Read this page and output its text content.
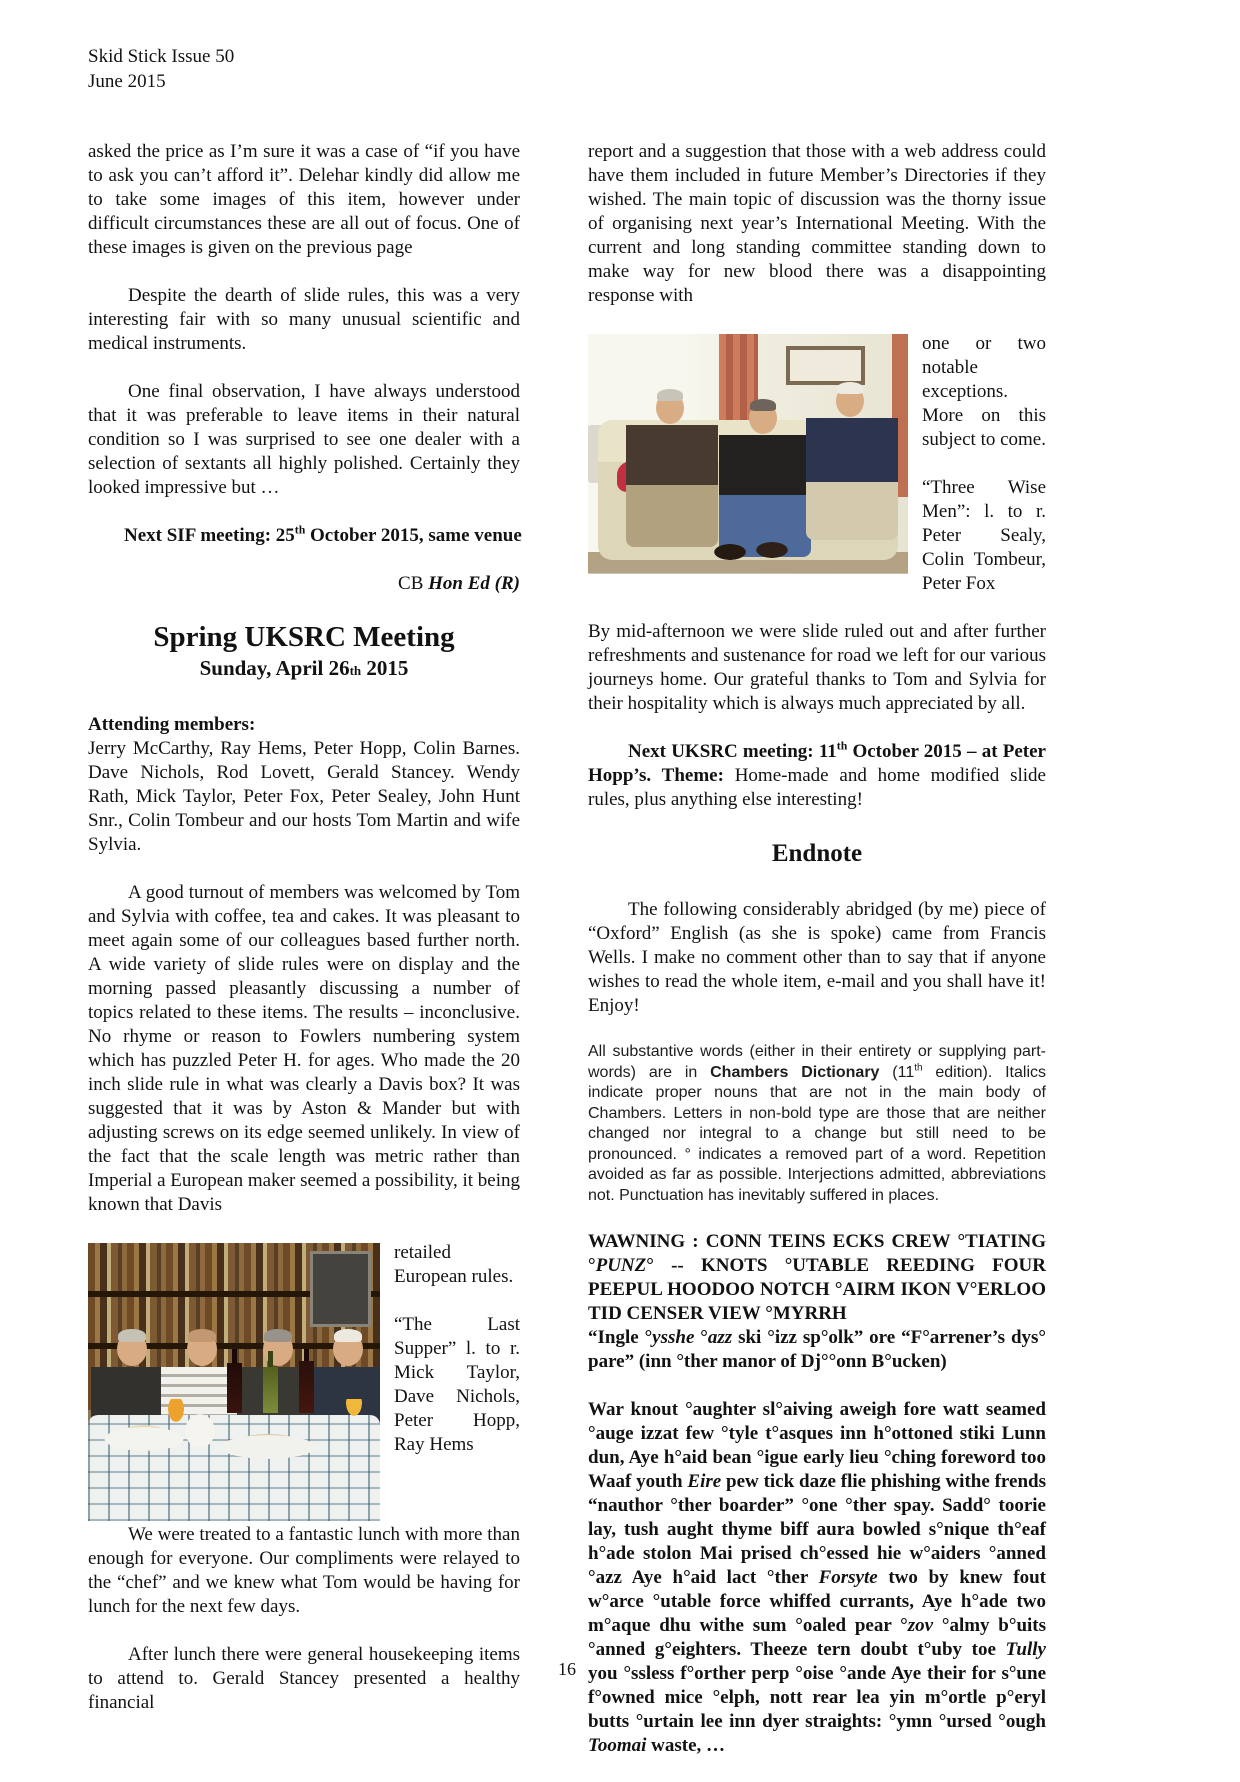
Skid Stick Issue 50

June 2015

asked the price as I’m sure it was a case of “if you have to ask you can’t afford it”. Delehar kindly did allow me to take some images of this item, however under difficult circumstances these are all out of focus. One of these images is given on the previous page

Despite the dearth of slide rules, this was a very interesting fair with so many unusual scientific and medical instruments.

One final observation, I have always understood that it was preferable to leave items in their natural condition so I was surprised to see one dealer with a selection of sextants all highly polished. Certainly they looked impressive but …

Next SIF meeting: 25th October 2015, same venue

CB Hon Ed (R)

Spring UKSRC Meeting

Sunday, April 26th 2015

Attending members:
Jerry McCarthy, Ray Hems, Peter Hopp, Colin Barnes. Dave Nichols, Rod Lovett, Gerald Stancey. Wendy Rath, Mick Taylor, Peter Fox, Peter Sealey, John Hunt Snr., Colin Tombeur and our hosts Tom Martin and wife Sylvia.

A good turnout of members was welcomed by Tom and Sylvia with coffee, tea and cakes. It was pleasant to meet again some of our colleagues based further north. A wide variety of slide rules were on display and the morning passed pleasantly discussing a number of topics related to these items. The results – inconclusive. No rhyme or reason to Fowlers numbering system which has puzzled Peter H. for ages. Who made the 20 inch slide rule in what was clearly a Davis box? It was suggested that it was by Aston & Mander but with adjusting screws on its edge seemed unlikely. In view of the fact that the scale length was metric rather than Imperial a European maker seemed a possibility, it being known that Davis

retailed European rules.

“The Last Supper” l. to r. Mick Taylor, Dave Nichols, Peter Hopp, Ray Hems

We were treated to a fantastic lunch with more than enough for everyone. Our compliments were relayed to the “chef” and we knew what Tom would be having for lunch for the next few days.

After lunch there were general housekeeping items to attend to. Gerald Stancey presented a healthy financial

report and a suggestion that those with a web address could have them included in future Member’s Directories if they wished. The main topic of discussion was the thorny issue of organising next year’s International Meeting. With the current and long standing committee standing down to make way for new blood there was a disappointing response with

one or two notable exceptions. More on this subject to come.

“Three Wise Men”: l. to r. Peter Sealy, Colin Tombeur, Peter Fox

By mid-afternoon we were slide ruled out and after further refreshments and sustenance for road we left for our various journeys home. Our grateful thanks to Tom and Sylvia for their hospitality which is always much appreciated by all.

Next UKSRC meeting: 11th October 2015 – at Peter Hopp’s. Theme: Home-made and home modified slide rules, plus anything else interesting!

Endnote

The following considerably abridged (by me) piece of “Oxford” English (as she is spoke) came from Francis Wells. I make no comment other than to say that if anyone wishes to read the whole item, e-mail and you shall have it! Enjoy!

All substantive words (either in their entirety or supplying part-words) are in Chambers Dictionary (11th edition). Italics indicate proper nouns that are not in the main body of Chambers. Letters in non-bold type are those that are neither changed nor integral to a change but still need to be pronounced. ° indicates a removed part of a word. Repetition avoided as far as possible. Interjections admitted, abbreviations not. Punctuation has inevitably suffered in places.

WAWNING : CONN TEINS ECKS CREW °TIATING °PUNZ° -- KNOTS °UTABLE REEDING FOUR PEEPUL HOODOO NOTCH °AIRM IKON V°ERLOO TID CENSER VIEW °MYRRH

“Ingle °ysshe °azz ski °izz sp°olk” ore “F°arrener’s dys° pare” (inn °ther manor of Dj°°onn B°ucken)

War knout °aughter sl°aiving aweigh fore watt seamed °auge izzat few °tyle t°asques inn h°ottoned stiki Lunn dun, Aye h°aid bean °igue early lieu °ching foreword too Waaf youth Eire pew tick daze flie phishing withe frends “nauthor °ther boarder” °one °ther spay. Sadd° toorie lay, tush aught thyme biff aura bowled s°nique th°eaf h°ade stolon Mai prised ch°essed hie w°aiders °anned °azz Aye h°aid lact °ther Forsyte two by knew fout w°arce °utable force whiffed currants, Aye h°ade two m°aque dhu withe sum °oaled pear °zov °almy b°uits °anned g°eighters. Theeze tern doubt t°uby toe Tully you °ssless f°orther perp °oise °ande Aye their for s°une f°owned mice °elph, nott rear lea yin m°ortle p°eryl butts °urtain lee inn dyer straights: °ymn °ursed °ough Toomai waste, …

16
